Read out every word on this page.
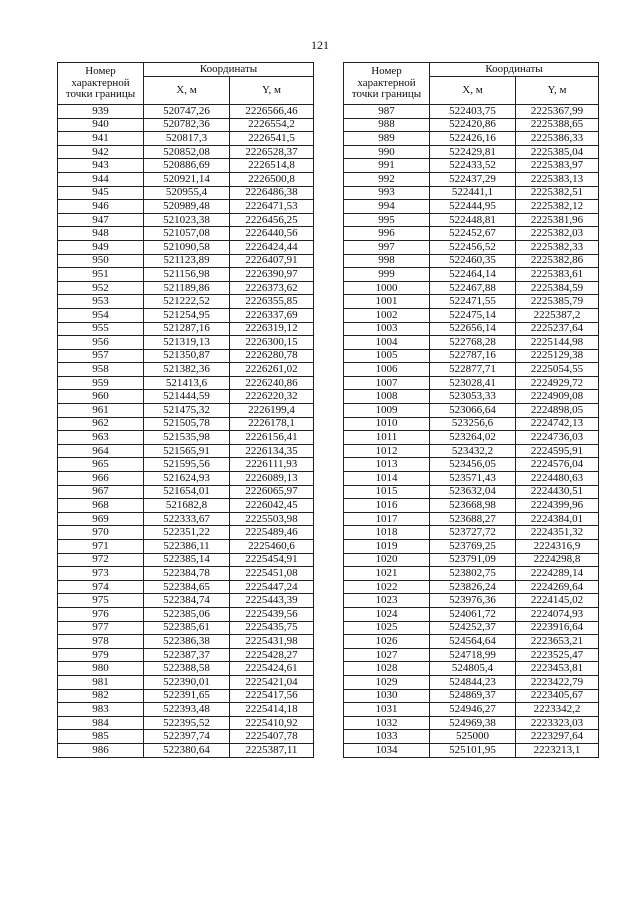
121
Номер характерной точки границы	Координаты	
	X, м	Y, м
939	520747,26	2226566,46
940	520782,36	2226554,2
941	520817,3	2226541,5
942	520852,08	2226528,37
943	520886,69	2226514,8
944	520921,14	2226500,8
945	520955,4	2226486,38
946	520989,48	2226471,53
947	521023,38	2226456,25
948	521057,08	2226440,56
949	521090,58	2226424,44
950	521123,89	2226407,91
951	521156,98	2226390,97
952	521189,86	2226373,62
953	521222,52	2226355,85
954	521254,95	2226337,69
955	521287,16	2226319,12
956	521319,13	2226300,15
957	521350,87	2226280,78
958	521382,36	2226261,02
959	521413,6	2226240,86
960	521444,59	2226220,32
961	521475,32	2226199,4
962	521505,78	2226178,1
963	521535,98	2226156,41
964	521565,91	2226134,35
965	521595,56	2226111,93
966	521624,93	2226089,13
967	521654,01	2226065,97
968	521682,8	2226042,45
969	522333,67	2225503,98
970	522351,22	2225489,46
971	522386,11	2225460,6
972	522385,14	2225454,91
973	522384,78	2225451,08
974	522384,65	2225447,24
975	522384,74	2225443,39
976	522385,06	2225439,56
977	522385,61	2225435,75
978	522386,38	2225431,98
979	522387,37	2225428,27
980	522388,58	2225424,61
981	522390,01	2225421,04
982	522391,65	2225417,56
983	522393,48	2225414,18
984	522395,52	2225410,92
985	522397,74	2225407,78
986	522380,64	2225387,11
Номер характерной точки границы	Координаты	
	X, м	Y, м
987	522403,75	2225367,99
988	522420,86	2225388,65
989	522426,16	2225386,33
990	522429,81	2225385,04
991	522433,52	2225383,97
992	522437,29	2225383,13
993	522441,1	2225382,51
994	522444,95	2225382,12
995	522448,81	2225381,96
996	522452,67	2225382,03
997	522456,52	2225382,33
998	522460,35	2225382,86
999	522464,14	2225383,61
1000	522467,88	2225384,59
1001	522471,55	2225385,79
1002	522475,14	2225387,2
1003	522656,14	2225237,64
1004	522768,28	2225144,98
1005	522787,16	2225129,38
1006	522877,71	2225054,55
1007	523028,41	2224929,72
1008	523053,33	2224909,08
1009	523066,64	2224898,05
1010	523256,6	2224742,13
1011	523264,02	2224736,03
1012	523432,2	2224595,91
1013	523456,05	2224576,04
1014	523571,43	2224480,63
1015	523632,04	2224430,51
1016	523668,98	2224399,96
1017	523688,27	2224384,01
1018	523727,72	2224351,32
1019	523769,25	2224316,9
1020	523791,09	2224298,8
1021	523802,75	2224289,14
1022	523826,24	2224269,64
1023	523976,36	2224145,02
1024	524061,72	2224074,93
1025	524252,37	2223916,64
1026	524564,64	2223653,21
1027	524718,99	2223525,47
1028	524805,4	2223453,81
1029	524844,23	2223422,79
1030	524869,37	2223405,67
1031	524946,27	2223342,2
1032	524969,38	2223323,03
1033	525000	2223297,64
1034	525101,95	2223213,1
